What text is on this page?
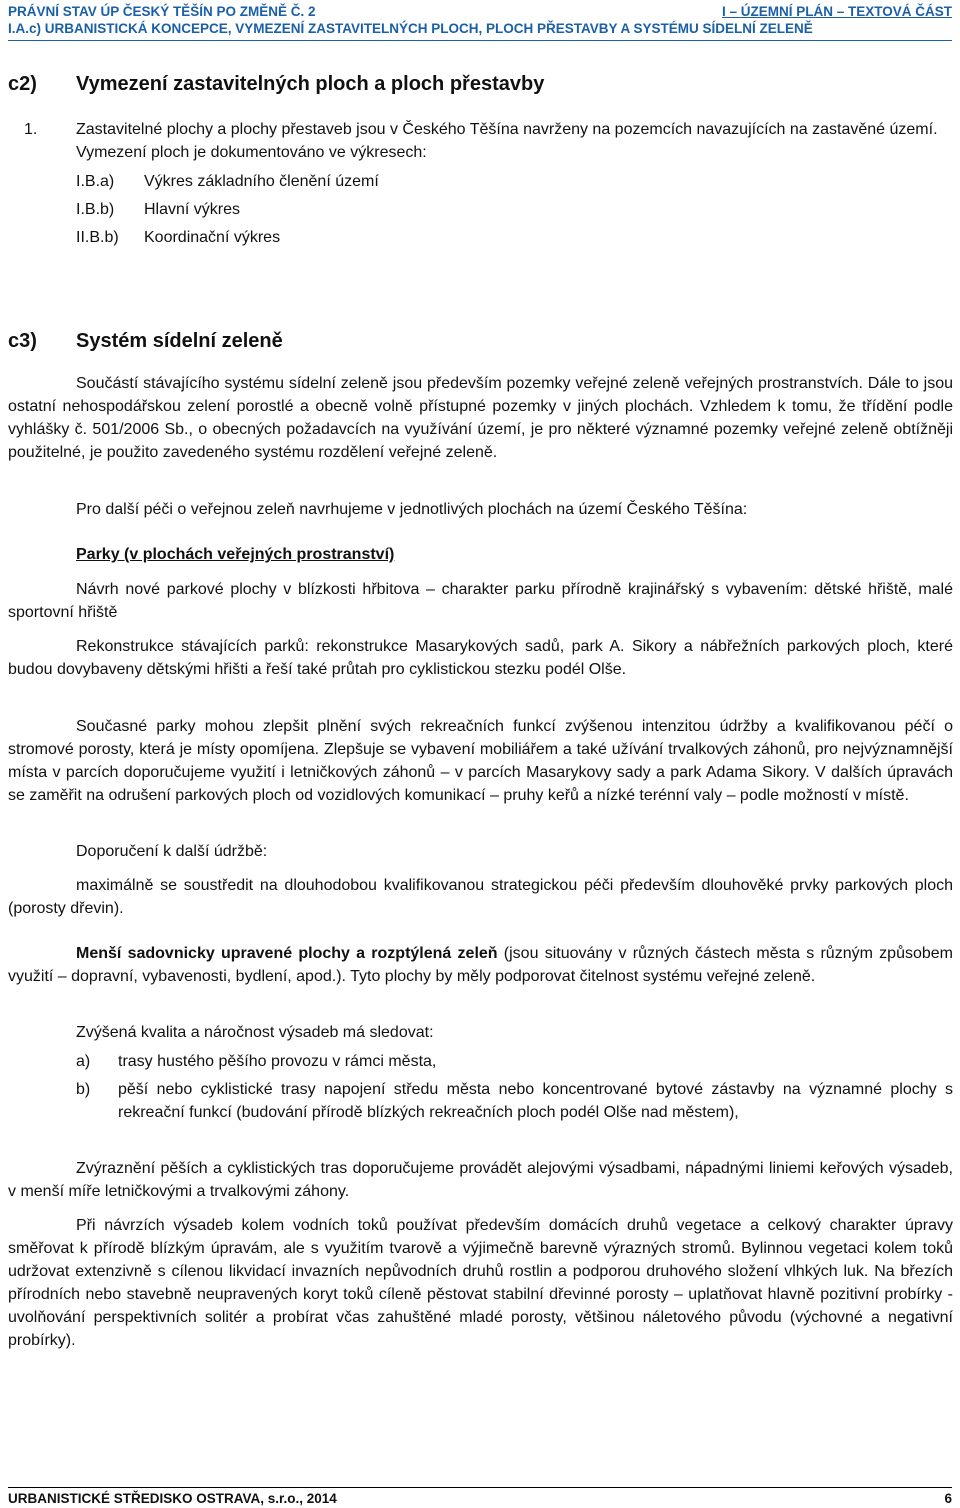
PRÁVNÍ STAV ÚP ČESKÝ TĚŠÍN PO ZMĚNĚ Č. 2	I – ÚZEMNÍ PLÁN – TEXTOVÁ ČÁST
I.A.c) URBANISTICKÁ KONCEPCE, VYMEZENÍ ZASTAVITELNÝCH PLOCH, PLOCH PŘESTAVBY A SYSTÉMU SÍDELNÍ ZELENĚ
c2) Vymezení zastavitelných ploch a ploch přestavby
1. Zastavitelné plochy a plochy přestaveb jsou v Českého Těšína navrženy na pozemcích navazujících na zastavěné území. Vymezení ploch je dokumentováno ve výkresech:
I.B.a) Výkres základního členění území
I.B.b) Hlavní výkres
II.B.b) Koordinační výkres
c3) Systém sídelní zeleně
Součástí stávajícího systému sídelní zeleně jsou především pozemky veřejné zeleně veřejných prostranstvích. Dále to jsou ostatní nehospodářskou zelení porostlé a obecně volně přístupné pozemky v jiných plochách. Vzhledem k tomu, že třídění podle vyhlášky č. 501/2006 Sb., o obecných požadavcích na využívání území, je pro některé významné pozemky veřejné zeleně obtížněji použitelné, je použito zavedeného systému rozdělení veřejné zeleně.
Pro další péči o veřejnou zeleň navrhujeme v jednotlivých plochách na území Českého Těšína:
Parky (v plochách veřejných prostranství)
Návrh nové parkové plochy v blízkosti hřbitova – charakter parku přírodně krajinářský s vybavením: dětské hřiště, malé sportovní hřiště
Rekonstrukce stávajících parků: rekonstrukce Masarykových sadů, park A. Sikory a nábřežních parkových ploch, které budou dovybaveny dětskými hřišti a řeší také průtah pro cyklistickou stezku podél Olše.
Současné parky mohou zlepšit plnění svých rekreačních funkcí zvýšenou intenzitou údržby a kvalifikovanou péčí o stromové porosty, která je místy opomíjena. Zlepšuje se vybavení mobiliářem a také užívání trvalkových záhonů, pro nejvýznamnější místa v parcích doporučujeme využití i letničkových záhonů – v parcích Masarykovy sady a park Adama Sikory. V dalších úpravách se zaměřit na odrušení parkových ploch od vozidlových komunikací – pruhy keřů a nízké terénní valy – podle možností v místě.
Doporučení k další údržbě:
maximálně se soustředit na dlouhodobou kvalifikovanou strategickou péči především dlouhověké prvky parkových ploch (porosty dřevin).
Menší sadovnicky upravené plochy a rozptýlená zeleň (jsou situovány v různých částech města s různým způsobem využití – dopravní, vybavenosti, bydlení, apod.). Tyto plochy by měly podporovat čitelnost systému veřejné zeleně.
Zvýšená kvalita a náročnost výsadeb má sledovat:
a) trasy hustého pěšího provozu v rámci města,
b) pěší nebo cyklistické trasy napojení středu města nebo koncentrované bytové zástavby na významné plochy s rekreační funkcí (budování přírodě blízkých rekreačních ploch podél Olše nad městem),
Zvýraznění pěších a cyklistických tras doporučujeme provádět alejovými výsadbami, nápadnými liniemi keřových výsadeb, v menší míře letničkovými a trvalkovými záhony.
Při návrzích výsadeb kolem vodních toků používat především domácích druhů vegetace a celkový charakter úpravy směřovat k přírodě blízkým úpravám, ale s využitím tvarově a výjimečně barevně výrazných stromů. Bylinnou vegetaci kolem toků udržovat extenzivně s cílenou likvidací invazních nepůvodních druhů rostlin a podporou druhového složení vlhkých luk. Na březích přírodních nebo stavebně neupravených koryt toků cíleně pěstovat stabilní dřevinné porosty – uplatňovat hlavně pozitivní probírky - uvolňování perspektivních solitér a probírat včas zahuštěné mladé porosty, většinou náletového původu (výchovné a negativní probírky).
URBANISTICKÉ STŘEDISKO OSTRAVA, s.r.o., 2014	6
